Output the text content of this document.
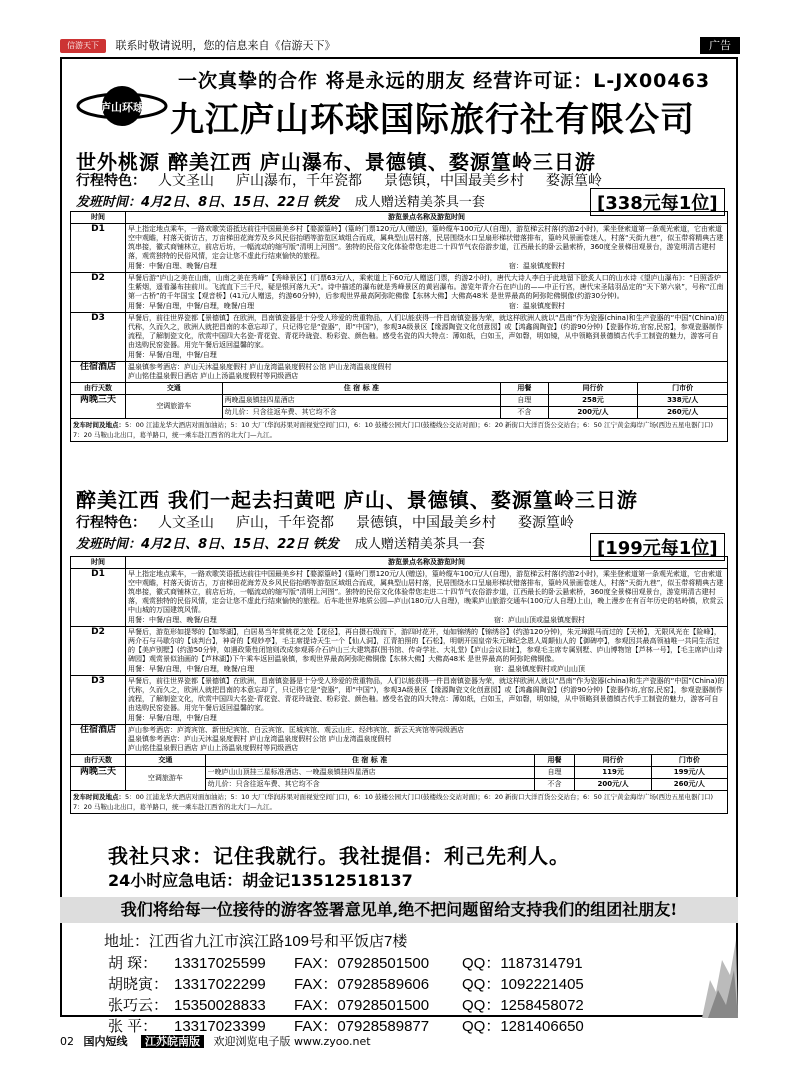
信游天下 联系时敬请说明，您的信息来自《信游天下》	广告
一次真挚的合作 将是永远的朋友 经营许可证：L-JX00463
庐山环球 九江庐山环球国际旅行社有限公司
世外桃源 醉美江西 庐山瀑布、景德镇、婺源篁岭三日游
行程特色： 人文圣山 庐山瀑布，千年瓷都 景德镇，中国最美乡村 婺源篁岭
发班时间：4月2日、8日、15日、22日 铁发 成人赠送精美茶具一套	[338元每1位]
时间	游览景点名称及游览时间				
D1	早上指定地点乘车，一路欢歌笑语抵达前往中国最美乡村【婺源篁岭】(篁岭门票120元/人(赠送)，篁岭缆车100元/人(自理)，游览梯云村落(约游2小时)，乘坐登索道第一条观光索道，它由索道空中观瞻，村落天街访古，万亩梯田花海芳及乡风民俗抬晒等游览区域组合而成，属典型山居村落，民居围绕水口呈扇形梯状错落排布，篁岭风景画卷迷人，村落“天街九巷”，似玉带将精典古建筑串接，徽式商铺林立，前店后坊，一幅流动的缩写版“清明上河图”。独特的民俗文化体验带您走进二十四节气农俗游步道，江西最长的卧云悬索桥，360度全景梯田观景台，游览明清古建村落，观赏独特的民俗风情，定会让您不虚此行结束愉快的旅程。
用餐：中餐/自理、晚餐/自理 宿：温泉镇度假村				

D2	早餐后游“庐山之美在山南，山南之美在秀峰”【秀峰景区】(门票63元/人，乘索道上下60元/人赠送门票，约游2小时)，唐代大诗人李白于此地留下脍炙人口的山水诗《望庐山瀑布》：“日照香炉生紫烟，遥看瀑布挂前川。飞流直下三千尺，疑是银河落九天”。诗中描述的瀑布就是秀峰景区的黄岩瀑布。游览年青介石在庐山的——中正行宫，唐代宋圣陆羽品定的“天下第六泉”，号称“江南第一古桥”的千年国宝【观音桥】(41元/人赠送，约游60分钟)，后参观世界最高阿弥陀佛像【东林大佛】大佛高48米 是世界最高的阿弥陀佛铜像(约游30分钟)。
用餐：早餐/自理，中餐/自理，晚餐/自理 宿：温泉镇度假村				

D3	早餐后，前往世界瓷都【景德镇】在欧洲，昌南镇瓷器是十分受人珍爱的贵重物品，人们以能获得一件昌南镇瓷器为荣，就这样欧洲人就以“昌南”作为瓷器(china)和生产瓷器的“中国”(China)的代称，久而久之，欧洲人就把昌南的本意忘却了，只记得它是“瓷器”，即“中国”)，参观3A级景区【缘源陶瓷文化创意园】或【鸿鑫阁陶瓷】(约游90分钟)【瓷器作坊,官窑,民窑】，参观瓷器制作流程，了解制瓷文化，欣赏中国四大名瓷-青花瓷、青花玲珑瓷、粉彩瓷、颜色釉。感受名瓷的四大特点：薄如纸，白如玉，声如磬，明如镜，从中领略到景德镇古代手工制瓷的魅力，游客可自由选购民窑瓷器。用完午餐后返回温馨的家。
用餐：早餐/自理，中餐/自理				

住宿酒店	温泉镇参考酒店：庐山天沐温泉度假村 庐山龙湾温泉度假村公馆 庐山龙湾温泉度假村
庐山铭佳温泉假日酒店 庐山上汤温泉度假村等同级酒店				
由行天数	交通	住 宿 标 准	用餐	同行价	门市价
两晚三天	空调旅游车	两晚温泉镇挂四星酒店	自理	258元	338元/人
		幼儿价：只含往返车费、其它均不含	不含	200元/人	260元/人
发车时间及地点：5：00 江浦龙华大酒店对面加油站；5：10 大厂(华润苏果对面视觉空间门口)，6：10 鼓楼公园大门口(鼓楼线公交站对面)；6：20 新街口大洋百货公交站台；6：50 江宁黄金海岸广场(西边五星电器门口)
7：20 马鞍山北出口，葛羊路口，统一乘车赴江西省的北大门—九江。					
醉美江西 我们一起去扫黄吧 庐山、景德镇、婺源篁岭三日游
行程特色： 人文圣山 庐山，千年瓷都 景德镇，中国最美乡村 婺源篁岭
发班时间：4月2日、8日、15日、22日 铁发 成人赠送精美茶具一套	[199元每1位]
时间	游览景点名称及游览时间				
D1	早上指定地点乘车，一路欢歌笑语抵达前往中国最美乡村【婺源篁岭】(篁岭门票120元/人(赠送)，篁岭缆车100元/人(自理)，游览梯云村落(约游2小时)，乘坐登索道第一条观光索道，它由索道空中观瞻，村落天街访古，万亩梯田花海芳及乡风民俗抬晒等游览区域组合而成，属典型山居村落，民居围绕水口呈扇形梯状错落排布，篁岭风景画卷迷人，村落“天街九巷”，似玉带将精典古建筑串接，徽式商铺林立，前店后坊，一幅流动的缩写版“清明上河图”。独特的民俗文化体验带您走进二十四节气农俗游步道，江西最长的卧云悬索桥，360度全景梯田观景台，游览明清古建村落，观赏独特的民俗风情，定会让您不虚此行结束愉快的旅程。后车赴世界地质公园—庐山(180元/人自理)，晚乘庐山旅游交通车(100元/人自理)上山，晚上漫步在有百年历史的牯岭镇，欣赏云中山城的万国建筑风情。
用餐：中餐/自理、晚餐/自理 宿：庐山山顶或温泉镇度假村				

D2	早餐后，游览形如提琴的【如琴湖】，白居易当年赏桃花之处【花径】，再自摄石级而下，游四时花开，灿如锦绣的【锦绣谷】(约游120分钟)，朱元璋跟马而过的【天桥】，无限风光在【险峰】，两介石与马歇尔的【谈判台】，神奇的【观妙亭】，毛主席提诗天生一个【仙人洞】，江青拍照的【石松】，明朝开国皇帝朱元璋纪念恩人周颠仙人的【御碑亭】，参观因共最高领袖唯一共同生活过的【美庐别墅】(约游50分钟，如遇政策性闭馆则改成参观蒋介石庐山三大建筑群(图书馆、传奇学社、大礼堂)【庐山会议旧址】，参观毛主席专属别墅、庐山博物馆【芦林一号】，【毛主席庐山诗碑园】观赏景似油画的【芦林湖】)下午乘车返回温泉镇，参观世界最高阿弥陀佛铜像【东林大佛】大佛高48米 是世界最高的阿弥陀佛铜像。
用餐：早餐/自理，中餐/自理，晚餐/自理 宿：温泉镇度假村或庐山山顶				

D3	早餐后，前往世界瓷都【景德镇】在欧洲，昌南镇瓷器是十分受人珍爱的贵重物品，人们以能获得一件昌南镇瓷器为荣，就这样欧洲人就以“昌南”作为瓷器(china)和生产瓷器的“中国”(China)的代称，久而久之，欧洲人就把昌南的本意忘却了，只记得它是“瓷器”，即“中国”)，参观3A级景区【缘源陶瓷文化创意园】或【鸿鑫阁陶瓷】(约游90分钟)【瓷器作坊,官窑,民窑】，参观瓷器制作流程，了解制瓷文化，欣赏中国四大名瓷-青花瓷、青花玲珑瓷、粉彩瓷、颜色釉。感受名瓷的四大特点：薄如纸，白如玉，声如磬，明如镜，从中领略到景德镇古代手工制瓷的魅力，游客可自由选购民窑瓷器。用完午餐后返回温馨的家。
用餐：早餐/自理，中餐/自理				

住宿酒店	庐山参考酒店：庐湾宾馆、新世纪宾馆、白云宾馆、匡城宾馆、观云山庄、经纬宾馆、新云天宾馆等同级酒店
温泉镇参考酒店：庐山天沐温泉度假村 庐山龙湾温泉度假村公馆 庐山龙湾温泉度假村
庐山铭佳温泉假日酒店 庐山上汤温泉度假村等同级酒店				
由行天数	交通	住 宿 标 准	用餐	同行价	门市价
两晚三天	空调旅游车	一晚庐山山顶挂三星标准酒店、一晚温泉镇挂四星酒店	自理	119元	199元/人
		幼儿价：只含往返车费、其它均不含	不含	200元/人	260元/人
发车时间及地点：5：00 江浦龙华大酒店对面加油站；5：10 大厂(华润苏果对面视觉空间门口)，6：10 鼓楼公园大门口(鼓楼线公交站对面)；6：20 新街口大洋百货公交站台；6：50 江宁黄金海岸广场(西边五星电器门口)
7：20 马鞍山北出口，葛羊路口，统一乘车赴江西省的北大门—九江。					
我社只求：记住我就行。我社提倡：利己先利人。
24小时应急电话：胡金记13512518137
我们将给每一位接待的游客签署意见单,绝不把问题留给支持我们的组团社朋友!
地址：江西省九江市滨江路109号和平饭店7楼
胡 琛： 13317025599 FAX：07928501500 QQ：1187314791
胡晓寅： 13317022299 FAX：07928589606 QQ：1092221405
张巧云： 15350028833 FAX：07928501500 QQ：1258458072
张 平： 13317023399 FAX：07928589877 QQ：1281406650
02 国内短线 江苏皖南版 欢迎浏览电子版 www.zyoo.net
